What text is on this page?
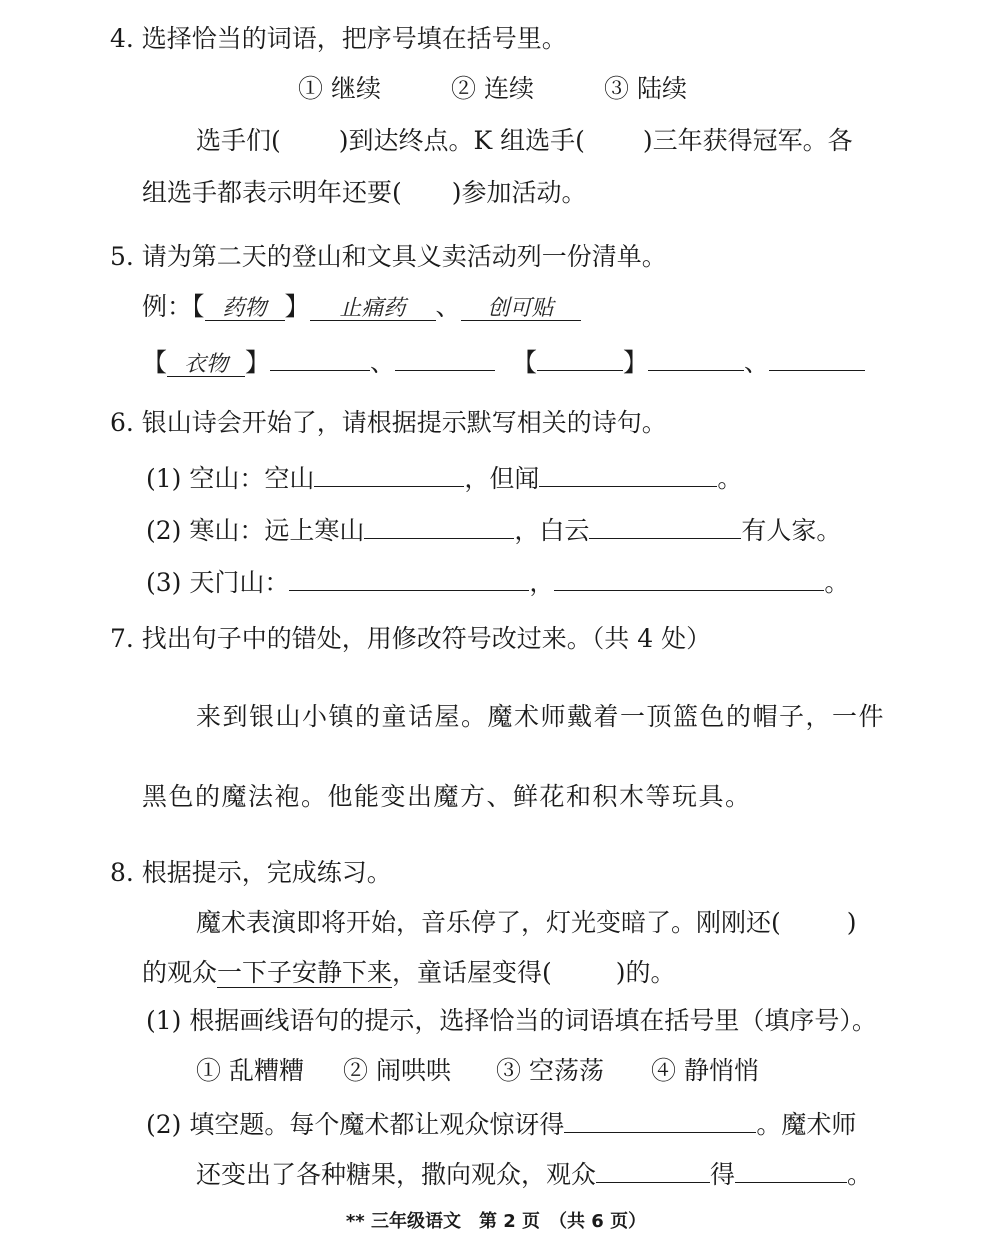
4. 选择恰当的词语，把序号填在括号里。
① 继续	② 连续	③ 陆续
选手们( )到达终点。K 组选手( )三年获得冠军。各
组选手都表示明年还要( )参加活动。
5. 请为第二天的登山和文具义卖活动列一份清单。
例：【 药物 】 止痛药 、 创可贴
【 衣物 】	、	【	】	、
6. 银山诗会开始了，请根据提示默写相关的诗句。
(1) 空山：空山	，但闻	。
(2) 寒山：远上寒山	，白云	有人家。
(3) 天门山：	，	。
7. 找出句子中的错处，用修改符号改过来。（共 4 处）
来到银山小镇的童话屋。魔术师戴着一顶篮色的帽子，一件
黑色的魔法袍。他能变出魔方、鲜花和积木等玩具。
8. 根据提示，完成练习。
魔术表演即将开始，音乐停了，灯光变暗了。刚刚还(	)
的观众一下子安静下来，童话屋变得(	)的。
(1) 根据画线语句的提示，选择恰当的词语填在括号里（填序号）。
① 乱糟糟 ② 闹哄哄 ③ 空荡荡 ④ 静悄悄
(2) 填空题。每个魔术都让观众惊讶得	。魔术师
还变出了各种糖果，撒向观众，观众	得	。
** 三年级语文　第 2 页　（共 6 页）
